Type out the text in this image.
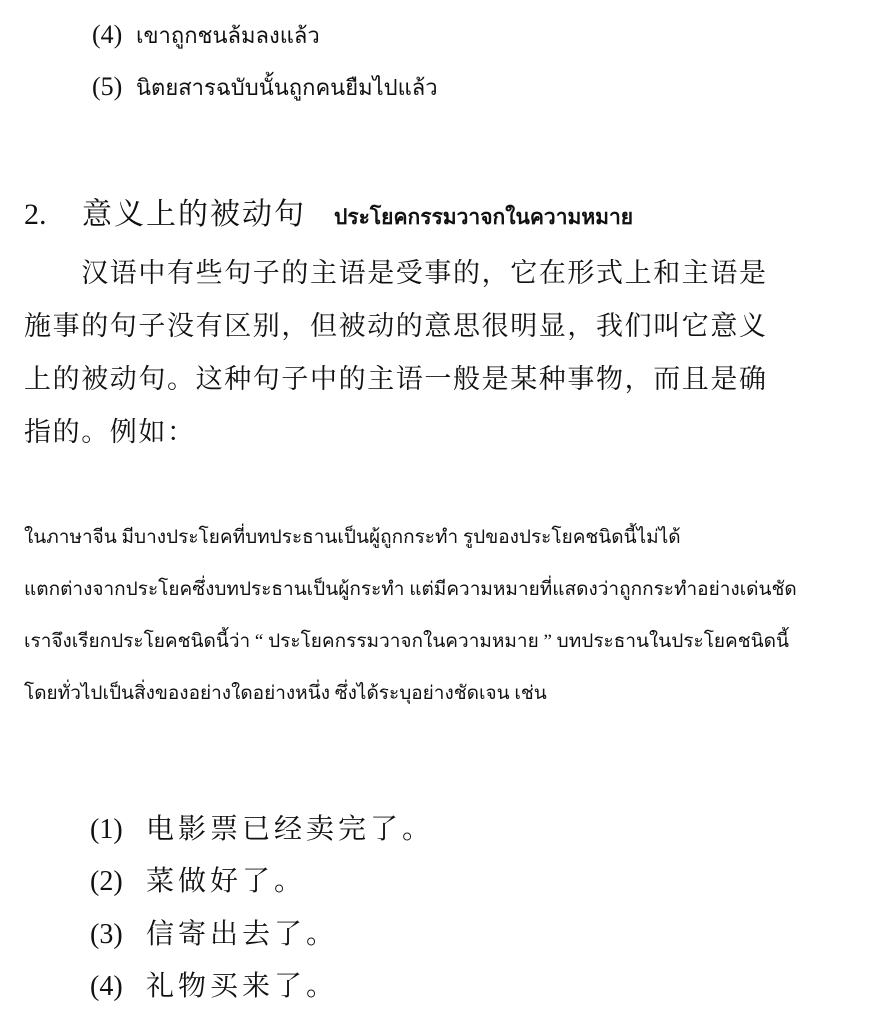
(4) เขาถูกชนล้มลงแล้ว
(5) นิตยสารฉบับนั้นถูกคนยืมไปแล้ว
2. 意义上的被动句 ประโยคกรรมวาจกในความหมาย
　　汉语中有些句子的主语是受事的，它在形式上和主语是
施事的句子没有区别，但被动的意思很明显，我们叫它意义
上的被动句。这种句子中的主语一般是某种事物，而且是确
指的。例如：
ในภาษาจีน มีบางประโยคที่บทประธานเป็นผู้ถูกกระทำ รูปของประโยคชนิดนี้ไม่ได้
แตกต่างจากประโยคซึ่งบทประธานเป็นผู้กระทำ แต่มีความหมายที่แสดงว่าถูกกระทำอย่างเด่นชัด
เราจึงเรียกประโยคชนิดนี้ว่า “ ประโยคกรรมวาจกในความหมาย ” บทประธานในประโยคชนิดนี้
โดยทั่วไปเป็นสิ่งของอย่างใดอย่างหนึ่ง ซึ่งได้ระบุอย่างชัดเจน เช่น
(1) 电影票已经卖完了。
(2) 菜做好了。
(3) 信寄出去了。
(4) 礼物买来了。
